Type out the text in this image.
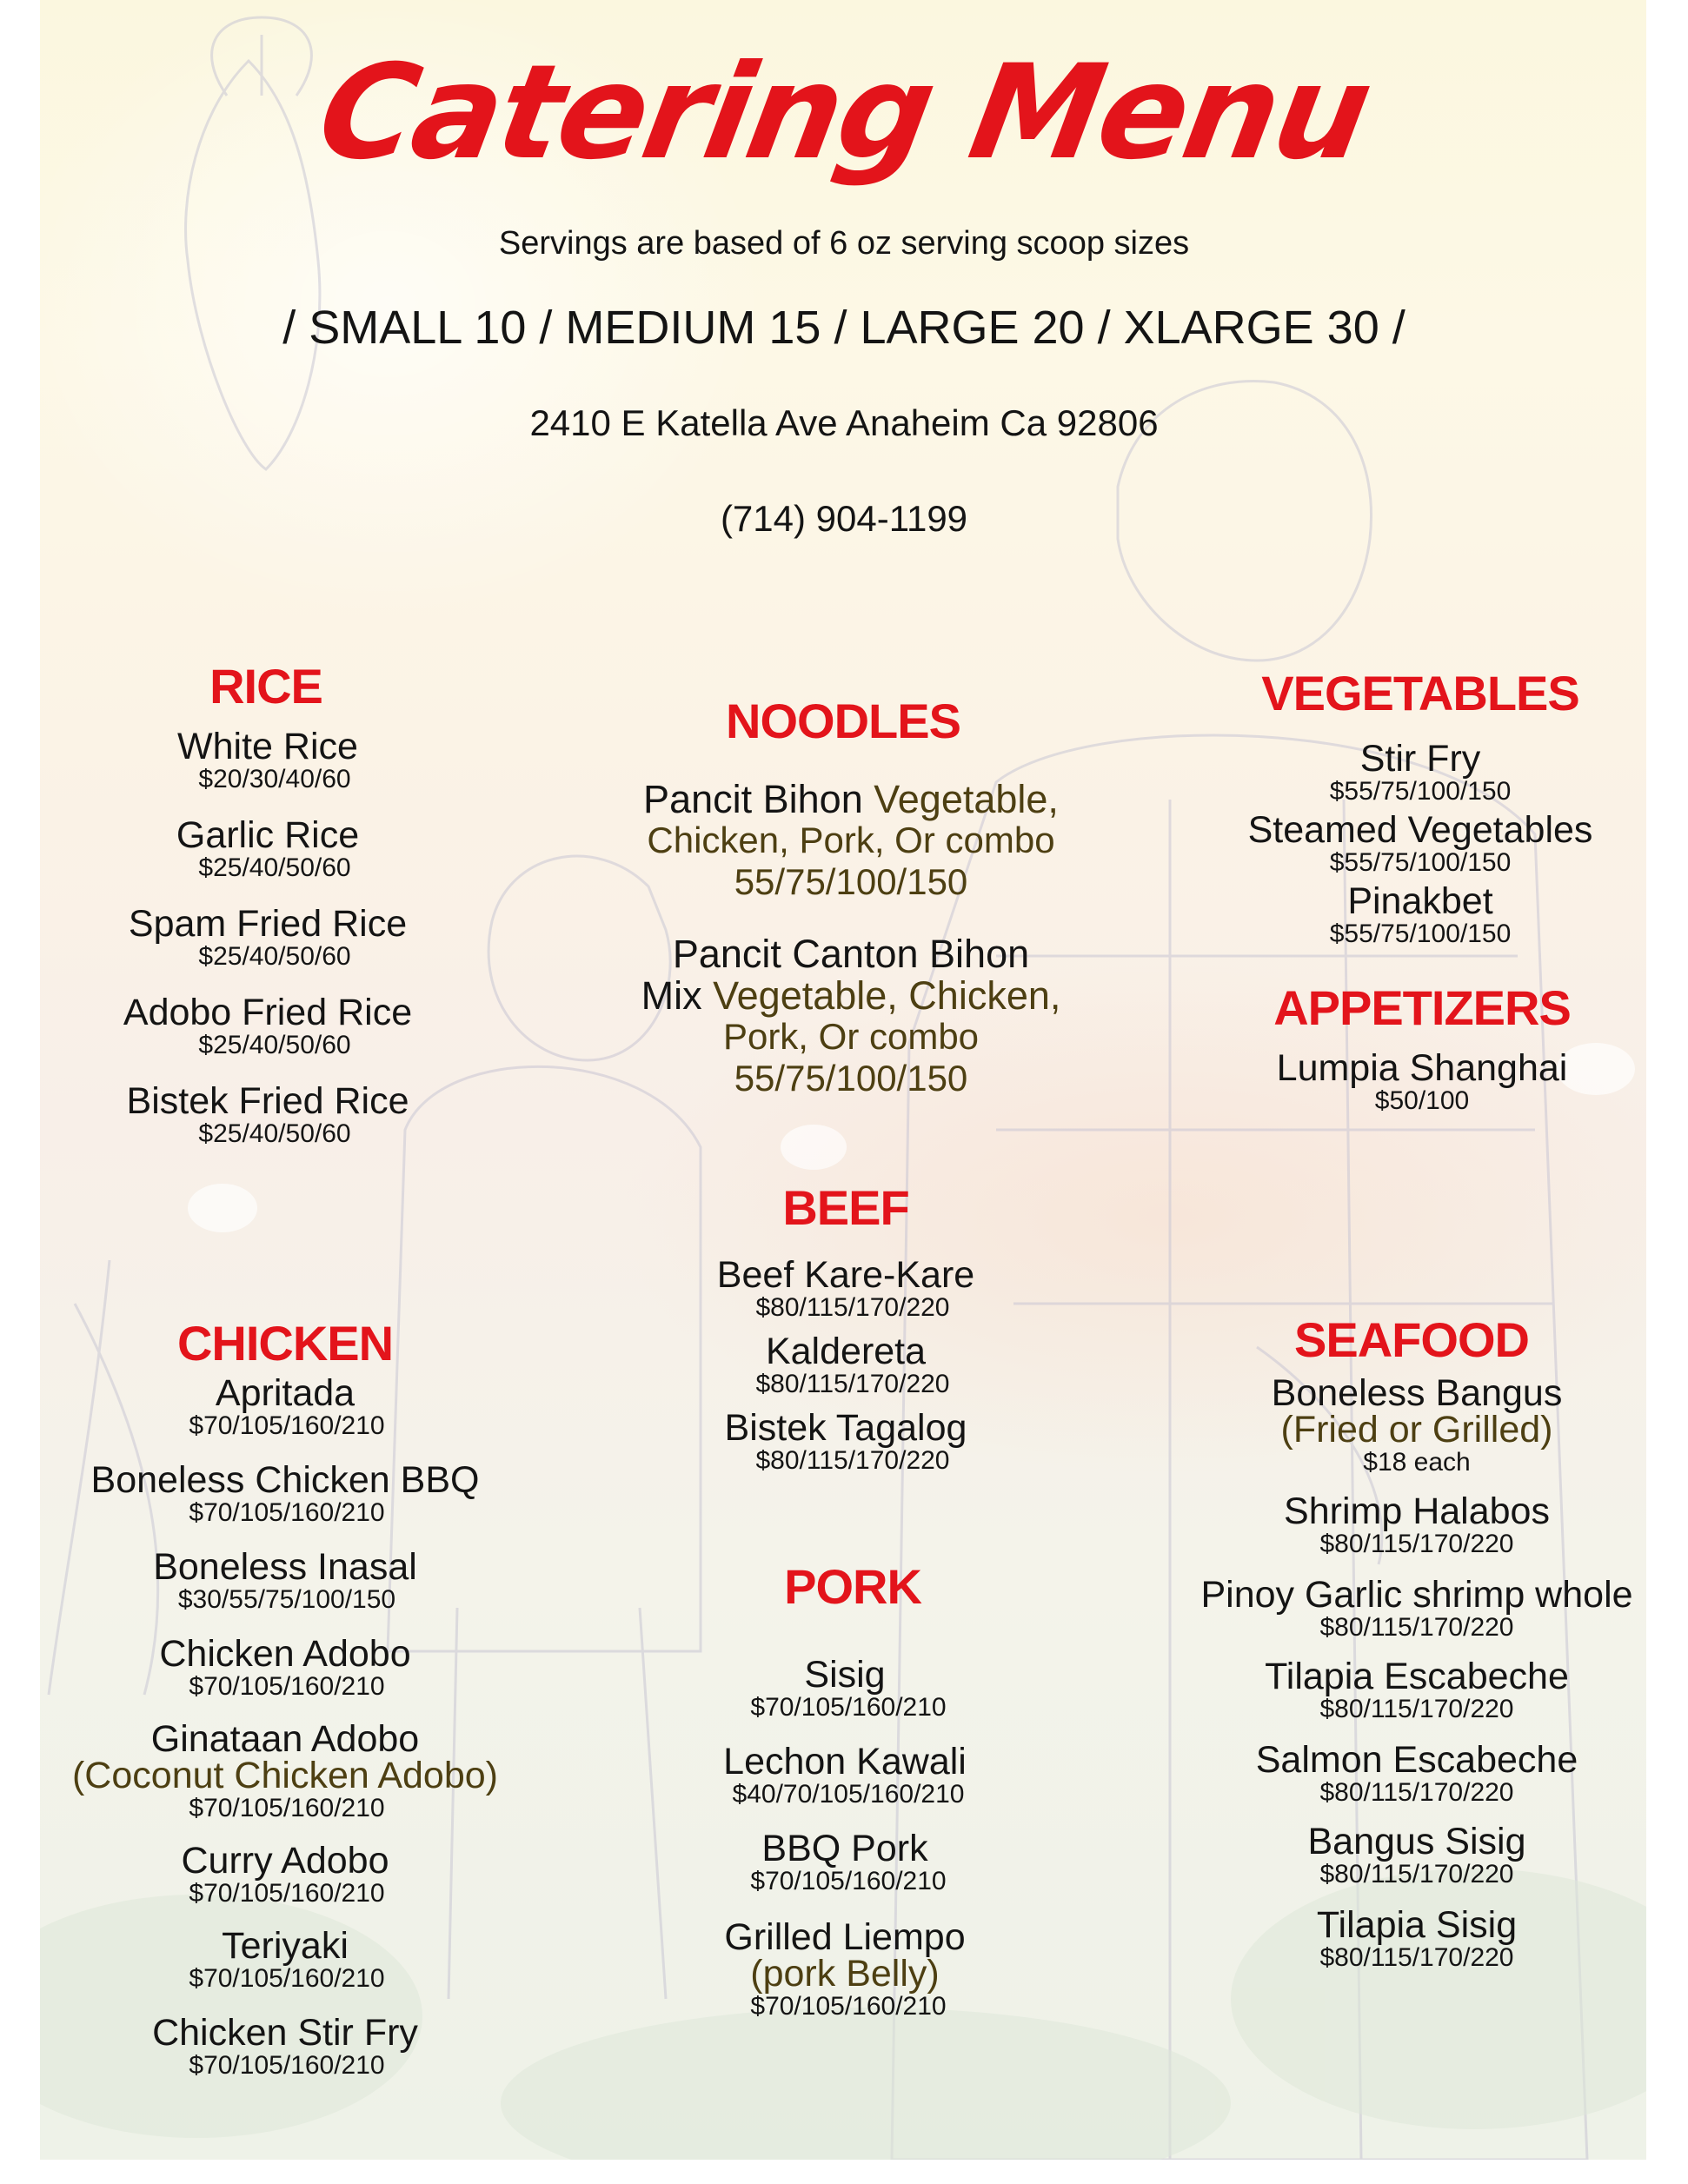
Catering Menu
Servings are based of 6 oz serving scoop sizes
/ SMALL 10 / MEDIUM 15 / LARGE 20 / XLARGE 30 /
2410 E Katella Ave Anaheim Ca 92806
(714) 904-1199
RICE
White Rice
$20/30/40/60
Garlic Rice
$25/40/50/60
Spam Fried Rice
$25/40/50/60
Adobo Fried Rice
$25/40/50/60
Bistek Fried Rice
$25/40/50/60
NOODLES
Pancit Bihon Vegetable,
Chicken, Pork, Or combo
55/75/100/150
Pancit Canton Bihon
Mix Vegetable, Chicken,
Pork, Or combo
55/75/100/150
VEGETABLES
Stir Fry
$55/75/100/150
Steamed Vegetables
$55/75/100/150
Pinakbet
$55/75/100/150
APPETIZERS
Lumpia Shanghai
$50/100
BEEF
Beef Kare-Kare
$80/115/170/220
Kaldereta
$80/115/170/220
Bistek Tagalog
$80/115/170/220
CHICKEN
Apritada
$70/105/160/210
Boneless Chicken BBQ
$70/105/160/210
Boneless Inasal
$30/55/75/100/150
Chicken Adobo
$70/105/160/210
Ginataan Adobo
(Coconut Chicken Adobo)
$70/105/160/210
Curry Adobo
$70/105/160/210
Teriyaki
$70/105/160/210
Chicken Stir Fry
$70/105/160/210
PORK
Sisig
$70/105/160/210
Lechon Kawali
$40/70/105/160/210
BBQ Pork
$70/105/160/210
Grilled Liempo
(pork Belly)
$70/105/160/210
SEAFOOD
Boneless Bangus
(Fried or Grilled)
$18 each
Shrimp Halabos
$80/115/170/220
Pinoy Garlic shrimp whole
$80/115/170/220
Tilapia Escabeche
$80/115/170/220
Salmon Escabeche
$80/115/170/220
Bangus Sisig
$80/115/170/220
Tilapia Sisig
$80/115/170/220
